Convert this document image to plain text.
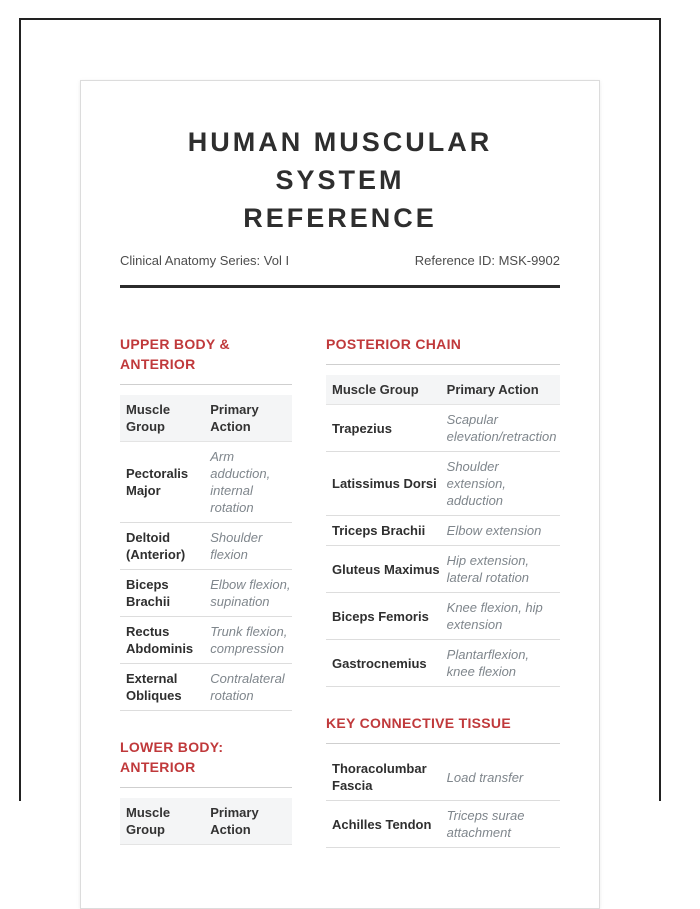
HUMAN MUSCULAR SYSTEM
REFERENCE
Clinical Anatomy Series: Vol I	Reference ID: MSK-9902
UPPER BODY & ANTERIOR
Muscle Group	Primary Action
Pectoralis Major	Arm adduction, internal rotation
Deltoid (Anterior)	Shoulder flexion
Biceps Brachii	Elbow flexion, supination
Rectus Abdominis	Trunk flexion, compression
External Obliques	Contralateral rotation
LOWER BODY: ANTERIOR
Muscle Group	Primary Action
POSTERIOR CHAIN
Muscle Group	Primary Action
Trapezius	Scapular elevation/retraction
Latissimus Dorsi	Shoulder extension, adduction
Triceps Brachii	Elbow extension
Gluteus Maximus	Hip extension, lateral rotation
Biceps Femoris	Knee flexion, hip extension
Gastrocnemius	Plantarflexion, knee flexion
KEY CONNECTIVE TISSUE
Thoracolumbar Fascia	Load transfer
Achilles Tendon	Triceps surae attachment
